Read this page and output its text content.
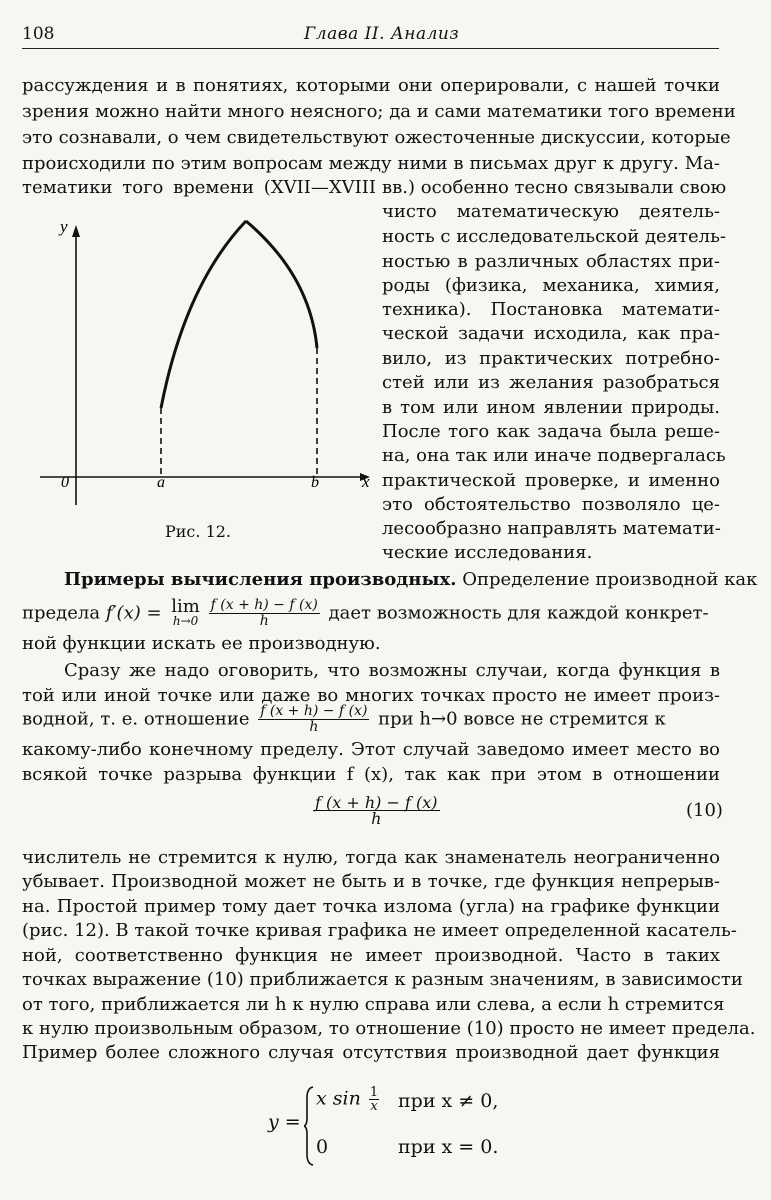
108	Глава II. Анализ
рассуждения и в понятиях, которыми они оперировали, с нашей точки
зрения можно найти много неясного; да и сами математики того времени
это сознавали, о чем свидетельствуют ожесточенные дискуссии, которые
происходили по этим вопросам между ними в письмах друг к другу. Ма-
тематики того времени (XVII—XVIII вв.) особенно тесно связывали свою
чисто математическую деятель-
ность с исследовательской деятель-
ностью в различных областях при-
роды (физика, механика, химия,
техника). Постановка математи-
ческой задачи исходила, как пра-
вило, из практических потребно-
стей или из желания разобраться
в том или ином явлении природы.
После того как задача была реше-
на, она так или иначе подвергалась
практической проверке, и именно
это обстоятельство позволяло це-
лесообразно направлять математи-
ческие исследования.
y
0	a	b	x
Рис. 12.
Примеры вычисления производных. Определение производной как
предела f′(x) = lim
h→0
$\frac{f (x + h) - f (x)}{h}$ дает возможность для каждой конкрет-
ной функции искать ее производную.
Сразу же надо оговорить, что возможны случаи, когда функция в
той или иной точке или даже во многих точках просто не имеет произ-
водной, т. е. отношение $\frac{f (x + h) - f (x)}{h}$ при h→0 вовсе не стремится к
какому-либо конечному пределу. Этот случай заведомо имеет место во
всякой точке разрыва функции f (x), так как при этом в отношении
$\frac{f (x + h) - f (x)}{h}$	(10)
числитель не стремится к нулю, тогда как знаменатель неограниченно
убывает. Производной может не быть и в точке, где функция непрерыв-
на. Простой пример тому дает точка излома (угла) на графике функции
(рис. 12). В такой точке кривая графика не имеет определенной касатель-
ной, соответственно функция не имеет производной. Часто в таких
точках выражение (10) приближается к разным значениям, в зависимости
от того, приближается ли h к нулю справа или слева, а если h стремится
к нулю произвольным образом, то отношение (10) просто не имеет предела.
Пример более сложного случая отсутствия производной дает функция
y =
x $\sin \frac{1}{x}$ при x ≠ 0,
0	при x = 0.
